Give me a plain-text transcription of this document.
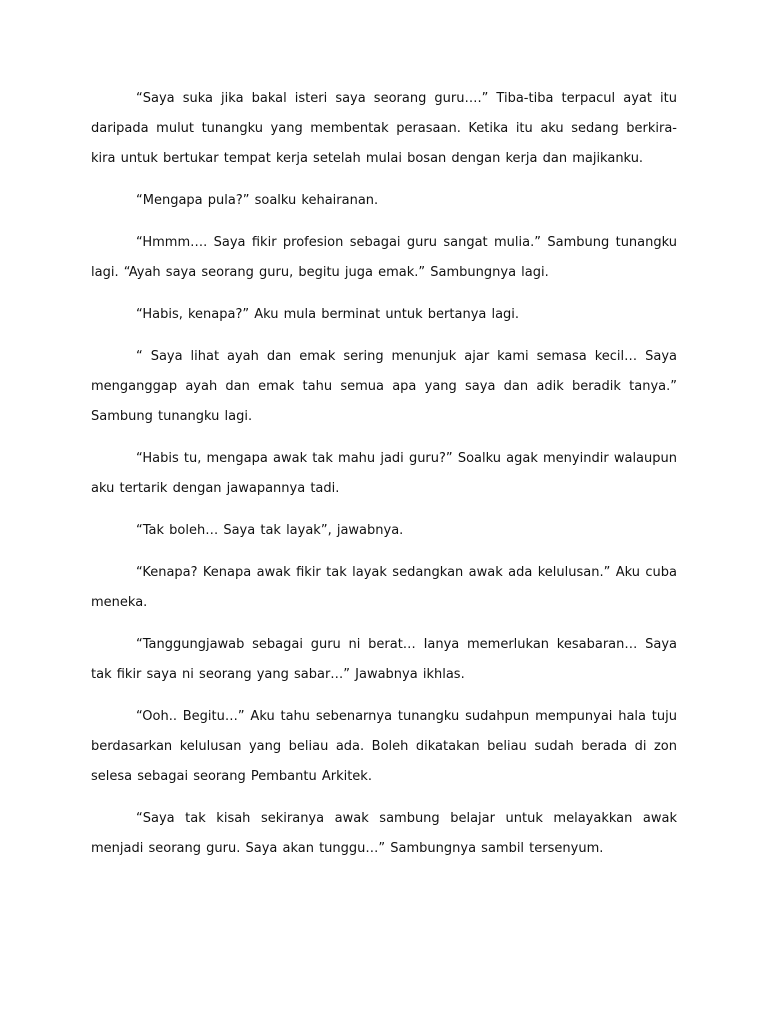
“Saya suka jika bakal isteri saya seorang guru….” Tiba-tiba terpacul ayat itu daripada mulut tunangku yang membentak perasaan. Ketika itu aku sedang berkira-kira untuk bertukar tempat kerja setelah mulai bosan dengan kerja dan majikanku.

“Mengapa pula?” soalku kehairanan.

“Hmmm…. Saya fikir profesion sebagai guru sangat mulia.” Sambung tunangku lagi. “Ayah saya seorang guru, begitu juga emak.” Sambungnya lagi.

“Habis, kenapa?” Aku mula berminat untuk bertanya lagi.

“ Saya lihat ayah dan emak sering menunjuk ajar kami semasa kecil… Saya menganggap ayah dan emak tahu semua apa yang saya dan adik beradik tanya.” Sambung tunangku lagi.

“Habis tu, mengapa awak tak mahu jadi guru?” Soalku agak menyindir walaupun aku tertarik dengan jawapannya tadi.

“Tak boleh… Saya tak layak”, jawabnya.

“Kenapa? Kenapa awak fikir tak layak sedangkan awak ada kelulusan.” Aku cuba meneka.

“Tanggungjawab sebagai guru ni berat… Ianya memerlukan kesabaran… Saya tak fikir saya ni seorang yang sabar…” Jawabnya ikhlas.

“Ooh.. Begitu…” Aku tahu sebenarnya tunangku sudahpun mempunyai hala tuju berdasarkan kelulusan yang beliau ada. Boleh dikatakan beliau sudah berada di zon selesa sebagai seorang Pembantu Arkitek.

“Saya tak kisah sekiranya awak sambung belajar untuk melayakkan awak menjadi seorang guru. Saya akan tunggu…” Sambungnya sambil tersenyum.
